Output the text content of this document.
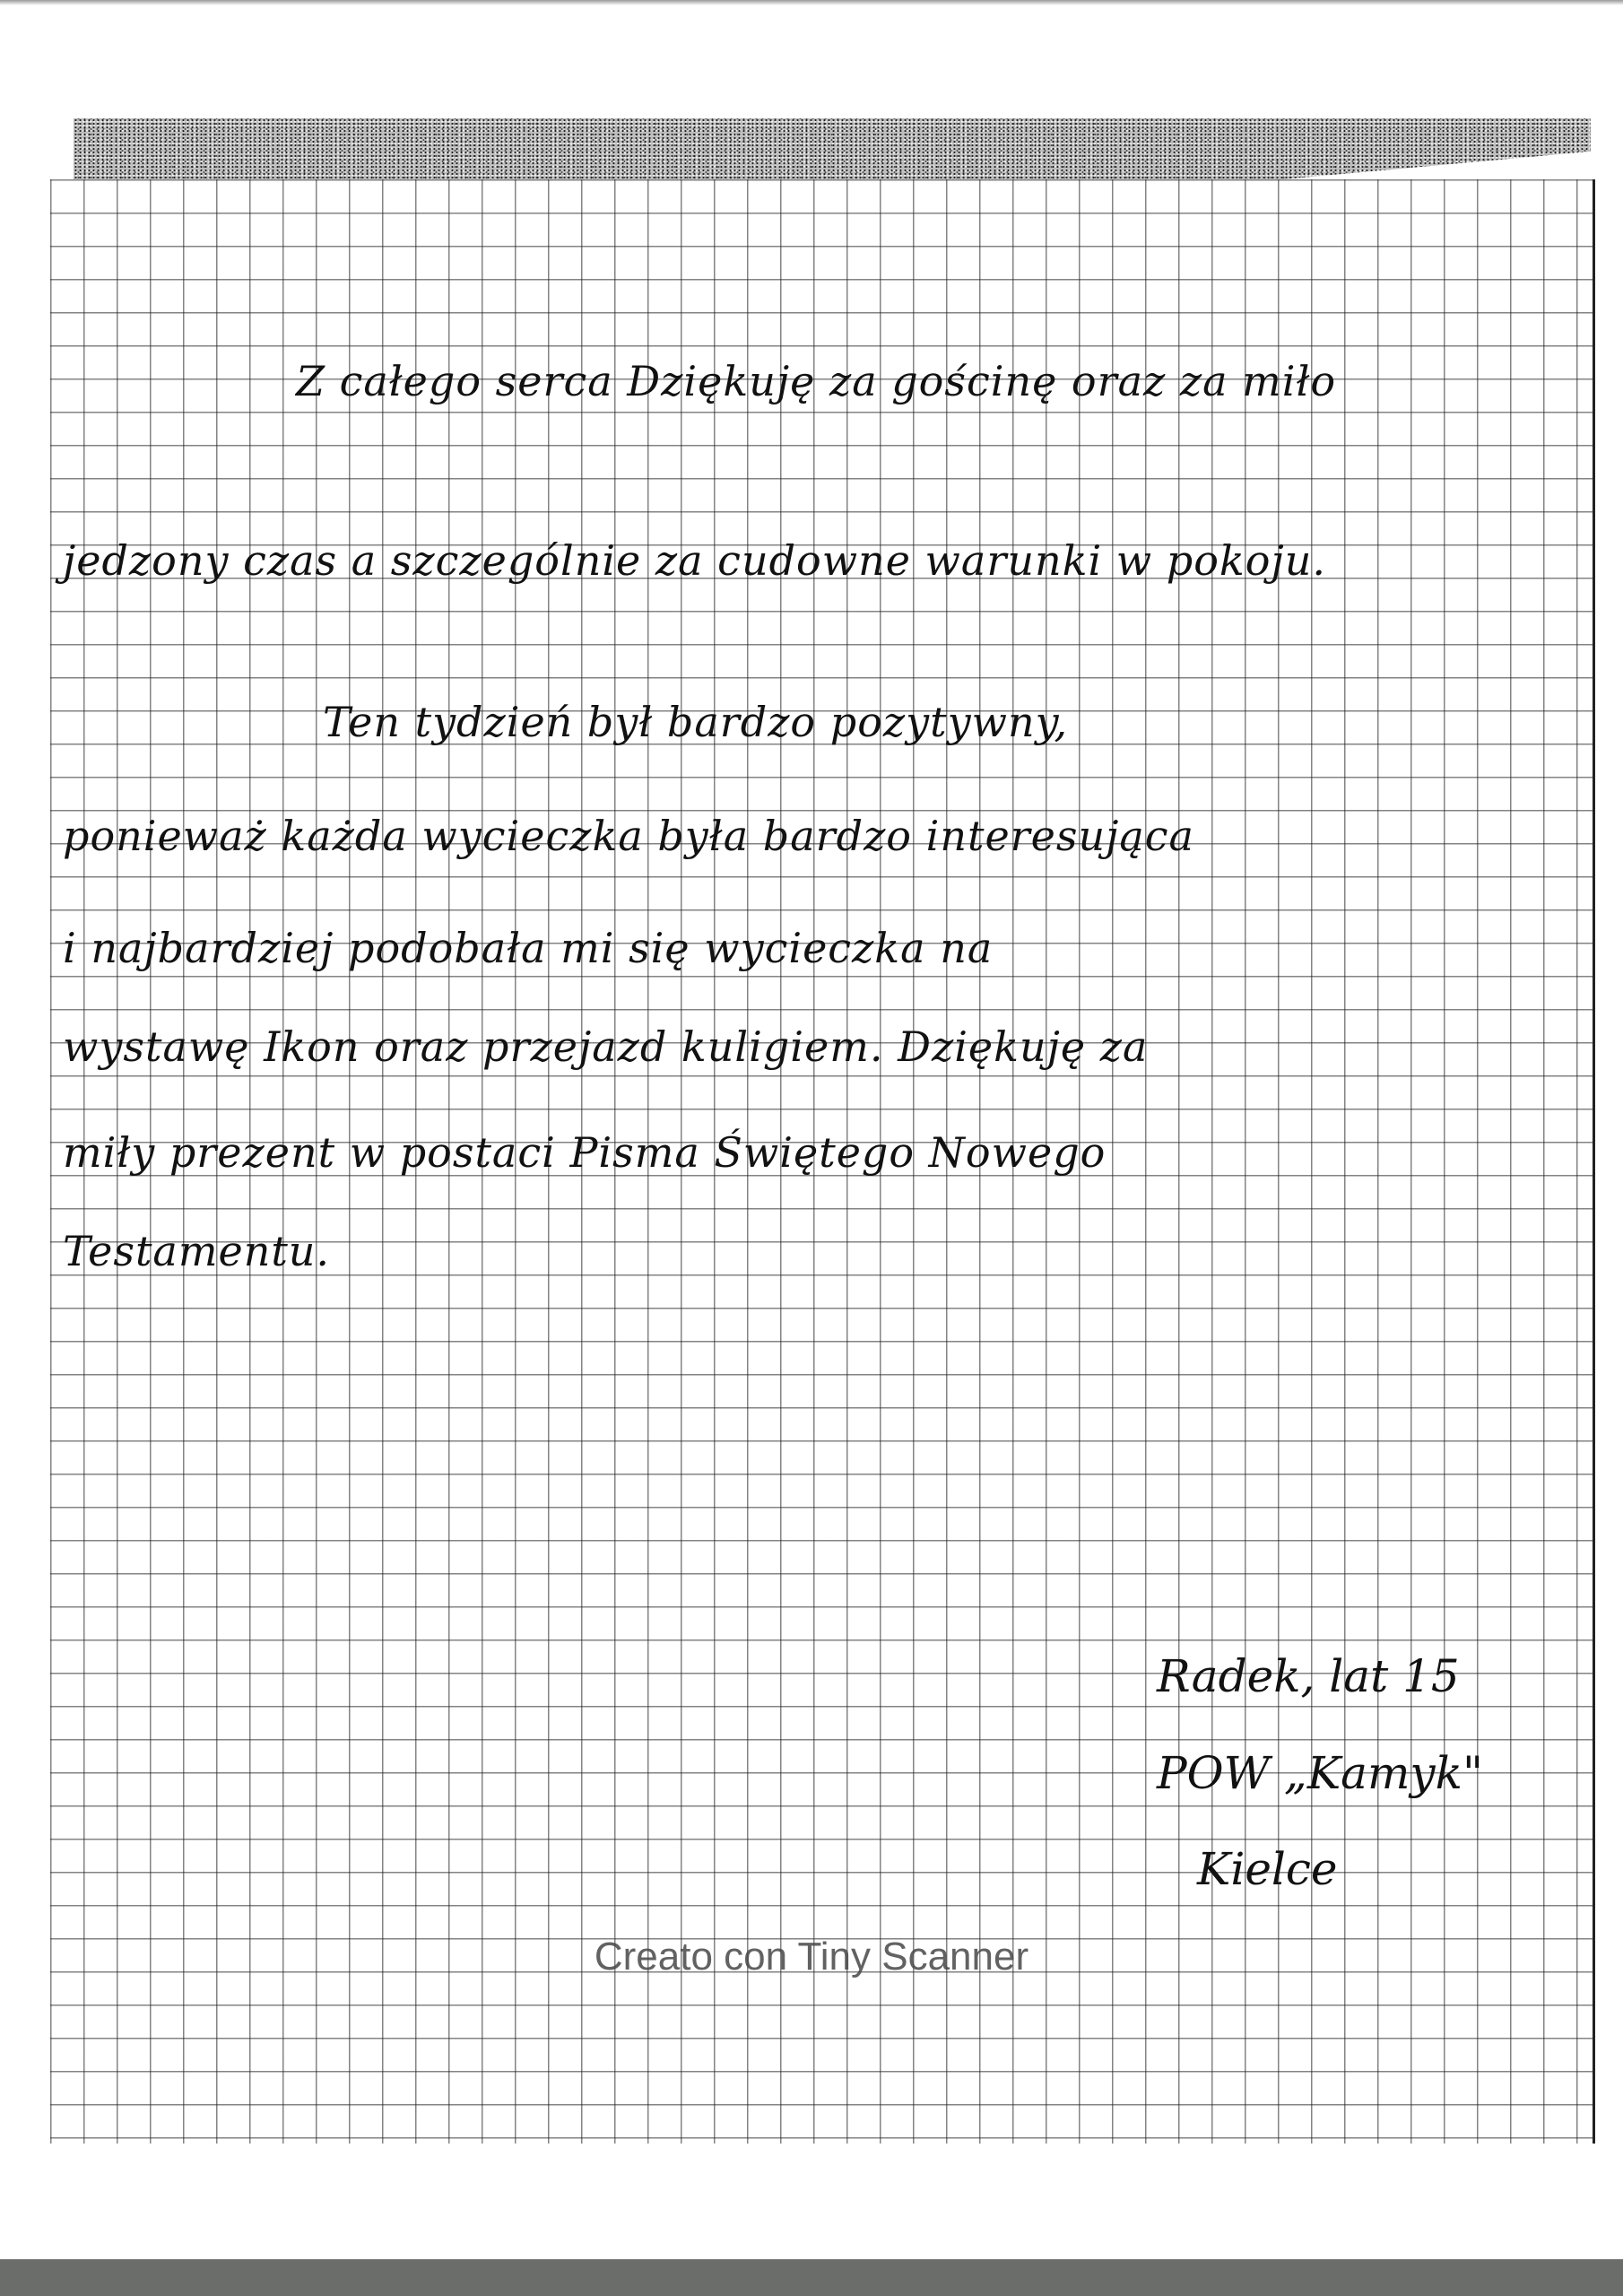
Z całego serca Dziękuję za gościnę oraz za miło
jedzony czas a szczególnie za cudowne warunki w pokoju.
Ten tydzień był bardzo pozytywny,
ponieważ każda wycieczka była bardzo interesująca
i najbardziej podobała mi się wycieczka na
wystawę Ikon oraz przejazd kuligiem. Dziękuję za
miły prezent w postaci Pisma Świętego Nowego
Testamentu.
Radek, lat 15
POW „Kamyk"
Kielce
Creato con Tiny Scanner
